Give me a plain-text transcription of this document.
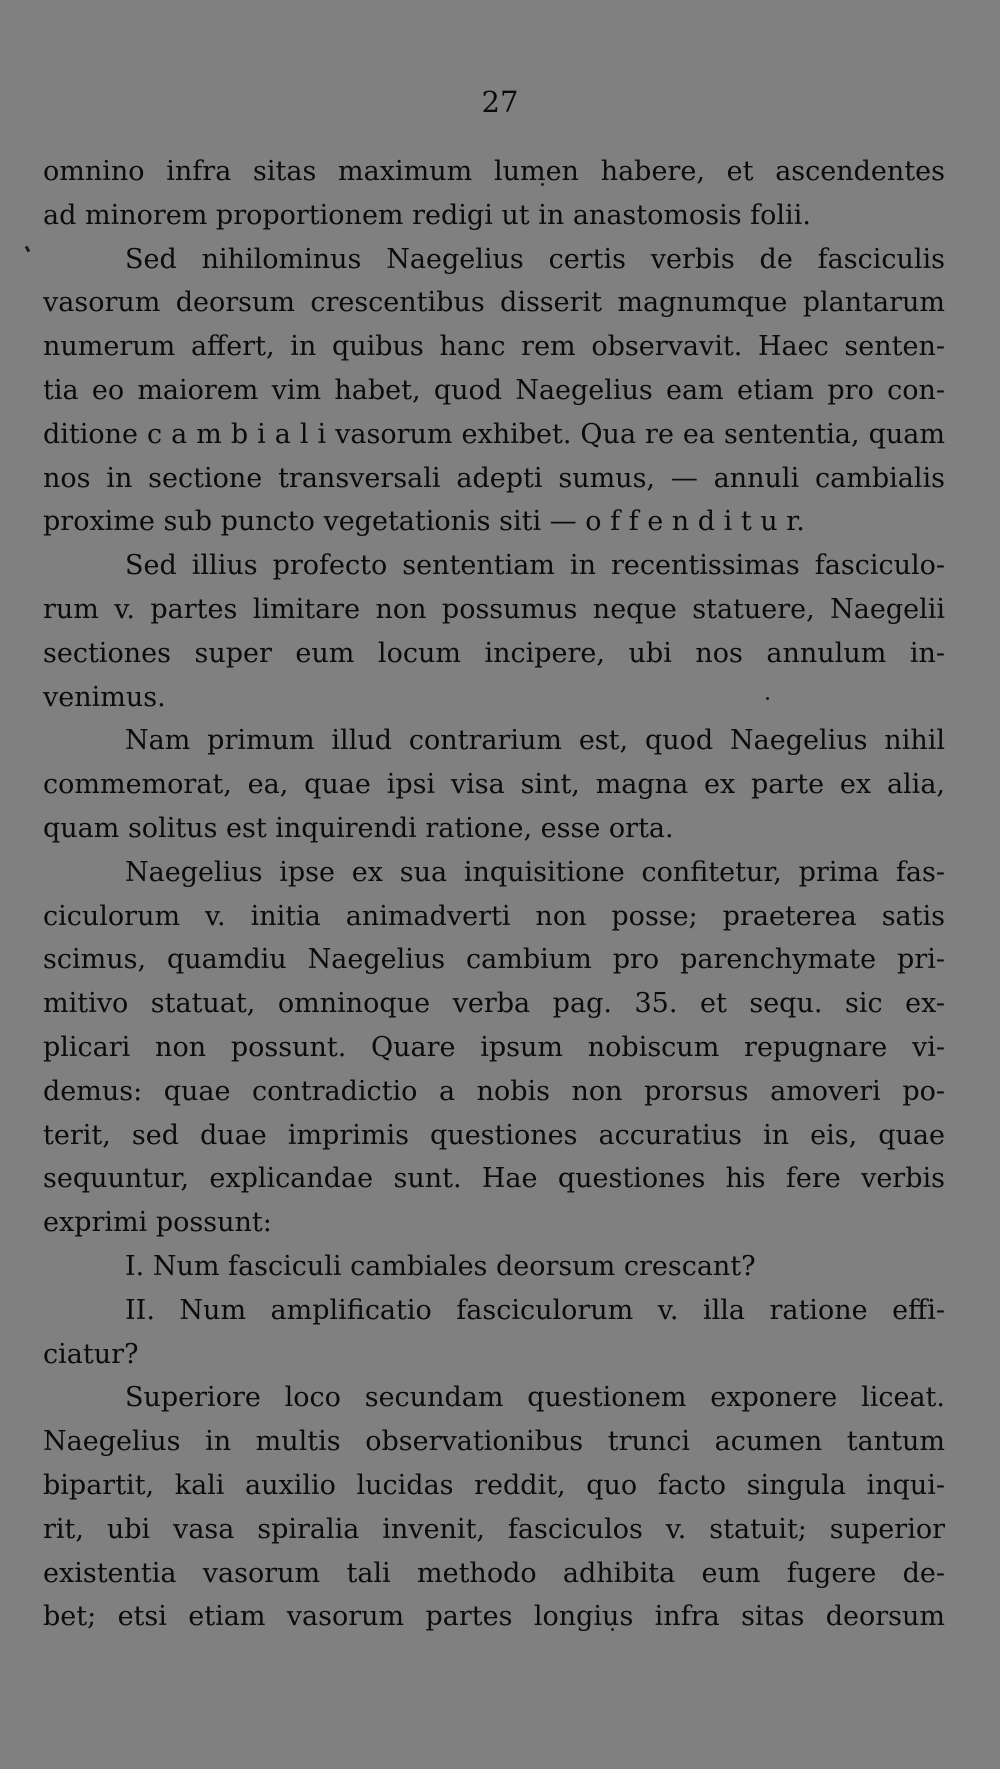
27
omnino infra sitas maximum lumen habere, et ascendentes
ad minorem proportionem redigi ut in anastomosis folii.
Sed nihilominus Naegelius certis verbis de fasciculis
vasorum deorsum crescentibus disserit magnumque plantarum
numerum affert, in quibus hanc rem observavit. Haec senten-
tia eo maiorem vim habet, quod Naegelius eam etiam pro con-
ditione c a m b i a l i vasorum exhibet. Qua re ea sententia, quam
nos in sectione transversali adepti sumus, — annuli cambialis
proxime sub puncto vegetationis siti — o f f e n d i t u r.
Sed illius profecto sententiam in recentissimas fasciculo-
rum v. partes limitare non possumus neque statuere, Naegelii
sectiones super eum locum incipere, ubi nos annulum in-
venimus.
Nam primum illud contrarium est, quod Naegelius nihil
commemorat, ea, quae ipsi visa sint, magna ex parte ex alia,
quam solitus est inquirendi ratione, esse orta.
Naegelius ipse ex sua inquisitione confitetur, prima fas-
ciculorum v. initia animadverti non posse; praeterea satis
scimus, quamdiu Naegelius cambium pro parenchymate pri-
mitivo statuat, omninoque verba pag. 35. et sequ. sic ex-
plicari non possunt. Quare ipsum nobiscum repugnare vi-
demus: quae contradictio a nobis non prorsus amoveri po-
terit, sed duae imprimis questiones accuratius in eis, quae
sequuntur, explicandae sunt. Hae questiones his fere verbis
exprimi possunt:
I. Num fasciculi cambiales deorsum crescant?
II. Num amplificatio fasciculorum v. illa ratione effi-
ciatur?
Superiore loco secundam questionem exponere liceat.
Naegelius in multis observationibus trunci acumen tantum
bipartit, kali auxilio lucidas reddit, quo facto singula inqui-
rit, ubi vasa spiralia invenit, fasciculos v. statuit; superior
existentia vasorum tali methodo adhibita eum fugere de-
bet; etsi etiam vasorum partes longius infra sitas deorsum
